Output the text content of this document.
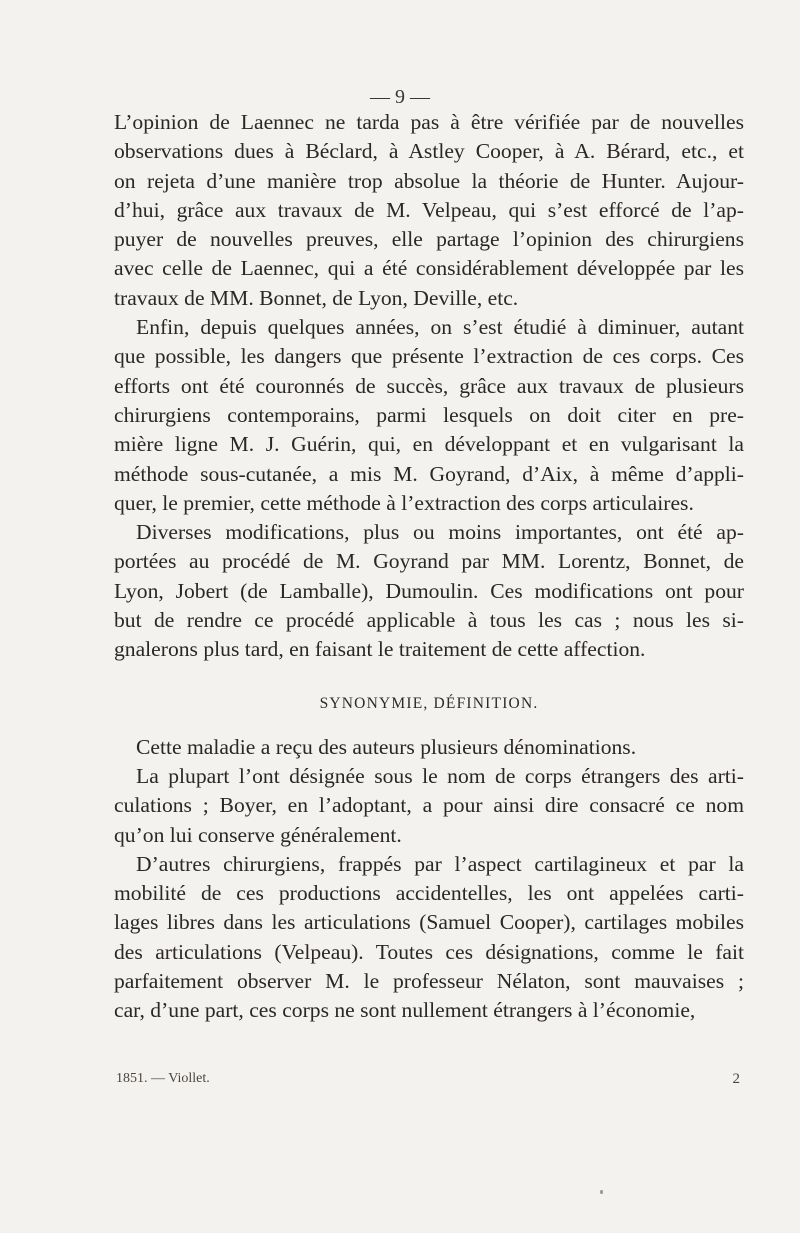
— 9 —
L’opinion de Laennec ne tarda pas à être vérifiée par de nouvelles
observations dues à Béclard, à Astley Cooper, à A. Bérard, etc., et
on rejeta d’une manière trop absolue la théorie de Hunter. Aujour-
d’hui, grâce aux travaux de M. Velpeau, qui s’est efforcé de l’ap-
puyer de nouvelles preuves, elle partage l’opinion des chirurgiens
avec celle de Laennec, qui a été considérablement développée par les
travaux de MM. Bonnet, de Lyon, Deville, etc.
Enfin, depuis quelques années, on s’est étudié à diminuer, autant
que possible, les dangers que présente l’extraction de ces corps. Ces
efforts ont été couronnés de succès, grâce aux travaux de plusieurs
chirurgiens contemporains, parmi lesquels on doit citer en pre-
mière ligne M. J. Guérin, qui, en développant et en vulgarisant la
méthode sous-cutanée, a mis M. Goyrand, d’Aix, à même d’appli-
quer, le premier, cette méthode à l’extraction des corps articulaires.
Diverses modifications, plus ou moins importantes, ont été ap-
portées au procédé de M. Goyrand par MM. Lorentz, Bonnet, de
Lyon, Jobert (de Lamballe), Dumoulin. Ces modifications ont pour
but de rendre ce procédé applicable à tous les cas ; nous les si-
gnalerons plus tard, en faisant le traitement de cette affection.
SYNONYMIE, DÉFINITION.
Cette maladie a reçu des auteurs plusieurs dénominations.
La plupart l’ont désignée sous le nom de corps étrangers des arti-
culations ; Boyer, en l’adoptant, a pour ainsi dire consacré ce nom
qu’on lui conserve généralement.
D’autres chirurgiens, frappés par l’aspect cartilagineux et par la
mobilité de ces productions accidentelles, les ont appelées carti-
lages libres dans les articulations (Samuel Cooper), cartilages mobiles
des articulations (Velpeau). Toutes ces désignations, comme le fait
parfaitement observer M. le professeur Nélaton, sont mauvaises ;
car, d’une part, ces corps ne sont nullement étrangers à l’économie,
1851. — Viollet.	2
